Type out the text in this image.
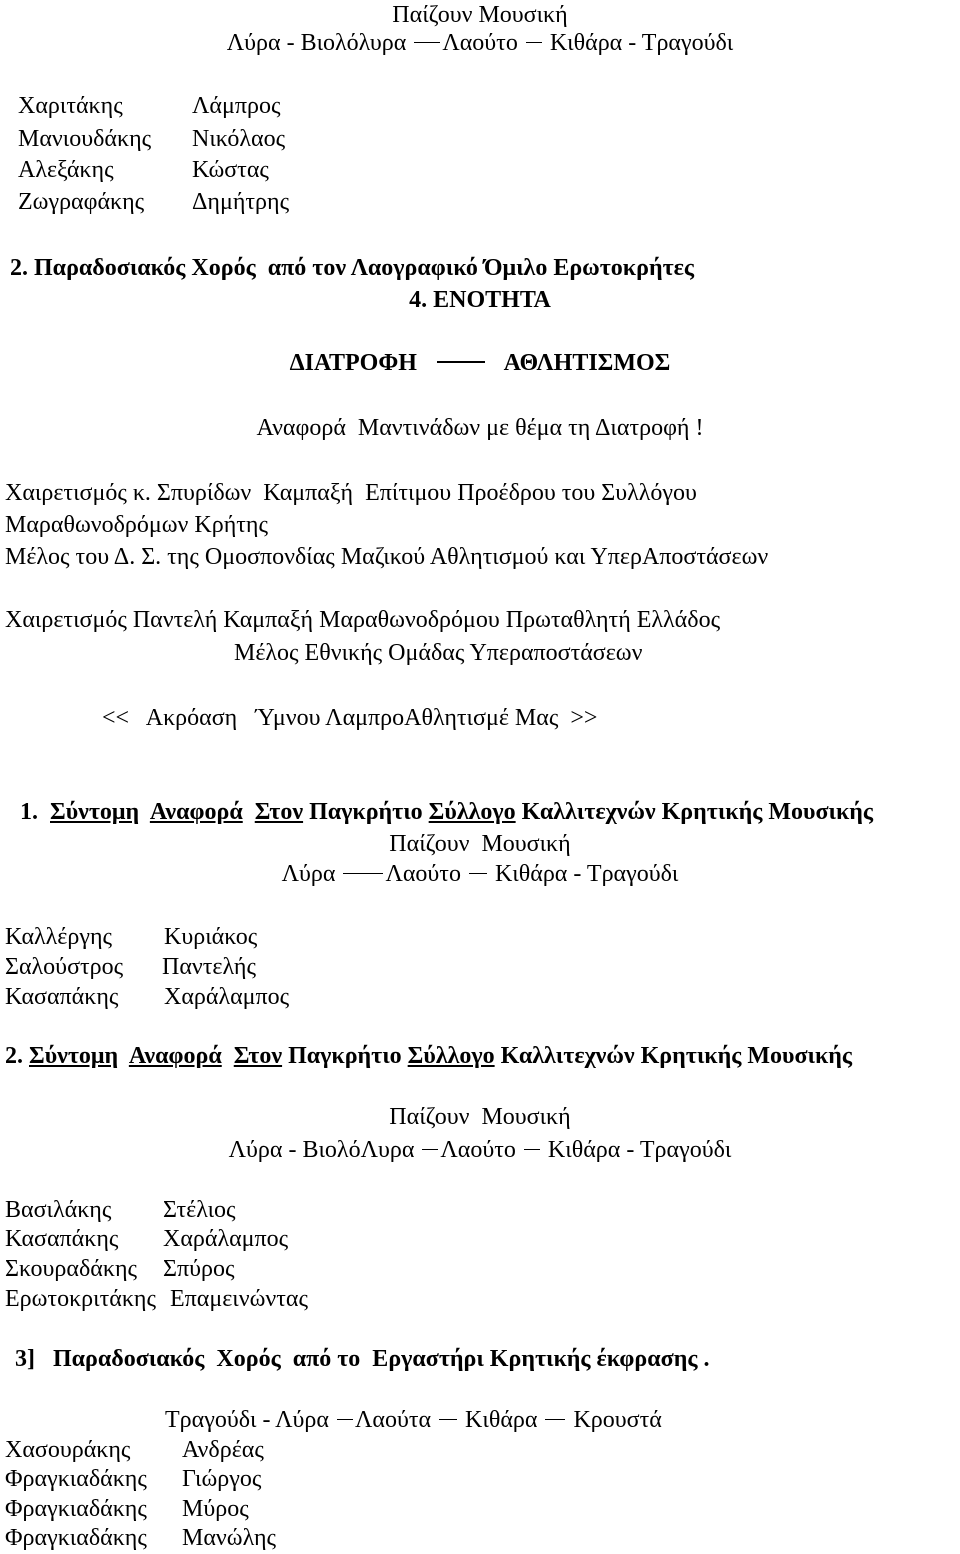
Παίζουν Μουσική
Λύρα - Βιολόλυρα Λαούτο Κιθάρα - Τραγούδι
Χαριτάκης	Λάμπρος
Μανιουδάκης Νικόλαος
Αλεξάκης	Κώστας
Ζωγραφάκης Δημήτρης
2. Παραδοσιακός Χορός  από τον Λαογραφικό Όμιλο Ερωτοκρήτες
4. ΕΝΟΤΗΤΑ
ΔΙΑΤΡΟΦΗ	ΑΘΛΗΤΙΣΜΟΣ
Αναφορά  Μαντινάδων με θέμα τη Διατροφή !
Χαιρετισμός κ. Σπυρίδων  Καμπαξή  Επίτιμου Προέδρου του Συλλόγου
Μαραθωνοδρόμων Κρήτης
Μέλος του Δ. Σ. της Ομοσπονδίας Μαζικού Αθλητισμού και ΥπερΑποστάσεων
Χαιρετισμός Παντελή Καμπαξή Μαραθωνοδρόμου Πρωταθλητή Ελλάδος
Μέλος Εθνικής Ομάδας Υπεραποστάσεων
<<   Ακρόαση   Ύμνου ΛαμπροΑθλητισμέ Μας  >>
1. Σύντομη Αναφορά Στον Παγκρήτιο Σύλλογο Καλλιτεχνών Κρητικής Μουσικής
Παίζουν  Μουσική
Λύρα Λαούτο Κιθάρα - Τραγούδι
Καλλέργης Κυριάκος
Σαλούστρος Παντελής
Κασαπάκης Χαράλαμπος
2. Σύντομη Αναφορά Στον Παγκρήτιο Σύλλογο Καλλιτεχνών Κρητικής Μουσικής
Παίζουν  Μουσική
Λύρα - ΒιολόΛυρα Λαούτο Κιθάρα - Τραγούδι
Βασιλάκης Στέλιος
Κασαπάκης Χαράλαμπος
Σκουραδάκης Σπύρος
Ερωτοκριτάκης Επαμεινώντας
3]   Παραδοσιακός  Χορός  από το  Εργαστήρι Κρητικής έκφρασης .
Τραγούδι - Λύρα Λαούτα Κιθάρα Κρουστά
Χασουράκης Ανδρέας
Φραγκιαδάκης Γιώργος
Φραγκιαδάκης Μύρος
Φραγκιαδάκης Μανώλης
